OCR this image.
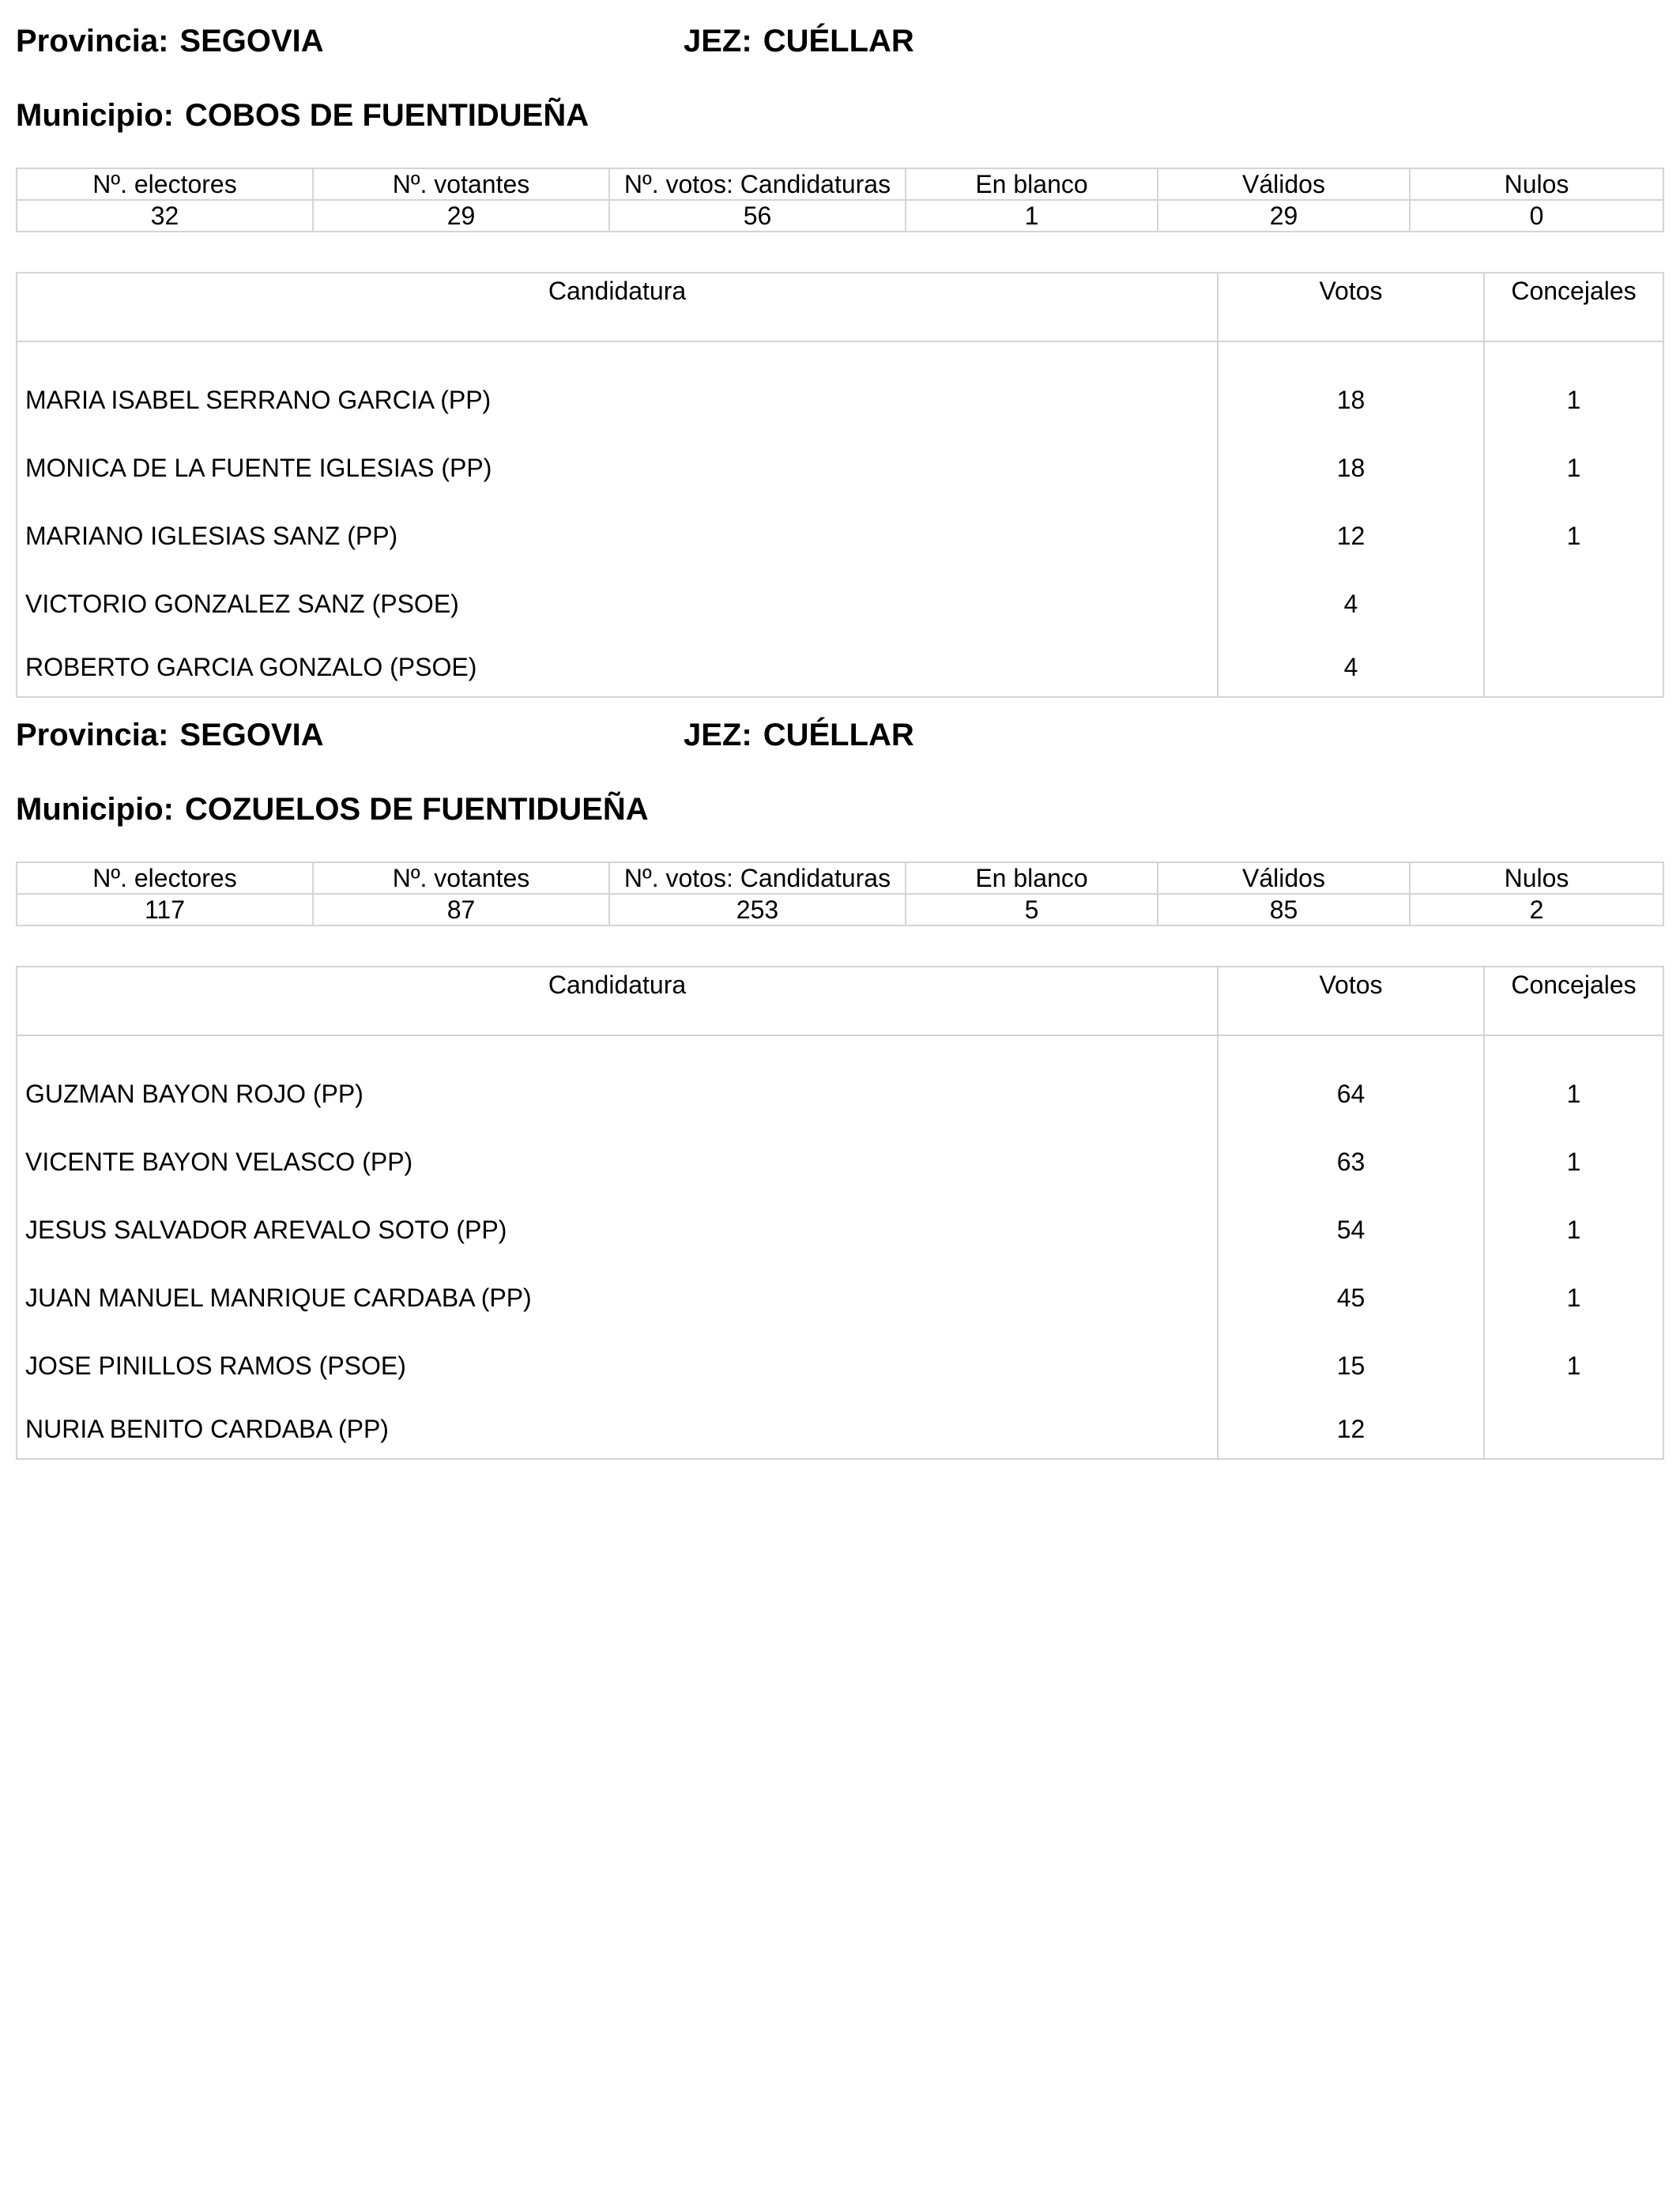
Provincia: SEGOVIA	JEZ: CUÉLLAR
Municipio: COBOS DE FUENTIDUEÑA
Nº. electores	Nº. votantes	Nº. votos: Candidaturas	En blanco	Válidos	Nulos
32	29	56	1	29	0
Candidatura	Votos	Concejales
MARIA ISABEL SERRANO GARCIA (PP)	18	1
MONICA DE LA FUENTE IGLESIAS (PP)	18	1
MARIANO IGLESIAS SANZ (PP)	12	1
VICTORIO GONZALEZ SANZ (PSOE)	4	
ROBERTO GARCIA GONZALO (PSOE)	4	
Provincia: SEGOVIA	JEZ: CUÉLLAR
Municipio: COZUELOS DE FUENTIDUEÑA
Nº. electores	Nº. votantes	Nº. votos: Candidaturas	En blanco	Válidos	Nulos
117	87	253	5	85	2
Candidatura	Votos	Concejales
GUZMAN BAYON ROJO (PP)	64	1
VICENTE BAYON VELASCO (PP)	63	1
JESUS SALVADOR AREVALO SOTO (PP)	54	1
JUAN MANUEL MANRIQUE CARDABA (PP)	45	1
JOSE PINILLOS RAMOS (PSOE)	15	1
NURIA BENITO CARDABA (PP)	12	
